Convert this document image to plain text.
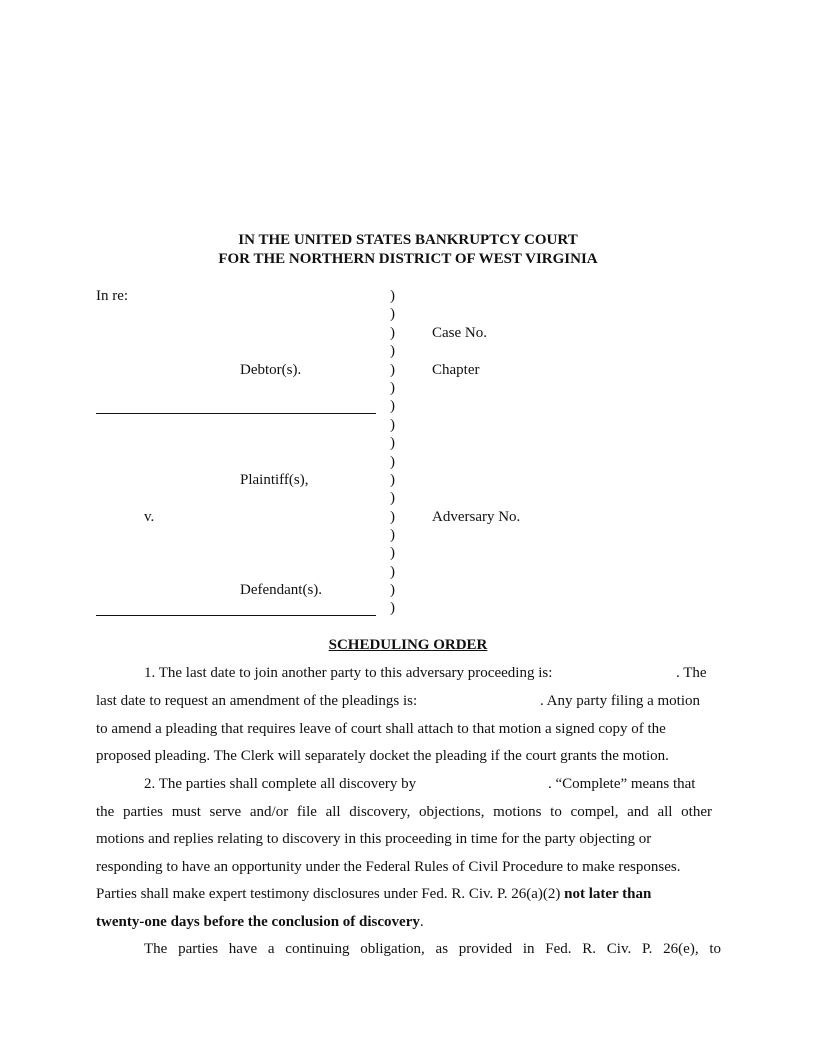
IN THE UNITED STATES BANKRUPTCY COURT
FOR THE NORTHERN DISTRICT OF WEST VIRGINIA
In re:
Case No.
Debtor(s).	Chapter
Plaintiff(s),
v.	Adversary No.
Defendant(s).
)
)
)
)
)
)
)
)
)
)
)
)
)
)
)
)
)
)
SCHEDULING ORDER
1. The last date to join another party to this adversary proceeding is:	. The
last date to request an amendment of the pleadings is:	. Any party filing a motion
to amend a pleading that requires leave of court shall attach to that motion a signed copy of the
proposed pleading. The Clerk will separately docket the pleading if the court grants the motion.
2. The parties shall complete all discovery by	. “Complete” means that
the parties must serve and/or file all discovery, objections, motions to compel, and all other
motions and replies relating to discovery in this proceeding in time for the party objecting or
responding to have an opportunity under the Federal Rules of Civil Procedure to make responses.
Parties shall make expert testimony disclosures under Fed. R. Civ. P. 26(a)(2) not later than
twenty-one days before the conclusion of discovery.
The parties have a continuing obligation, as provided in Fed. R. Civ. P. 26(e), to
